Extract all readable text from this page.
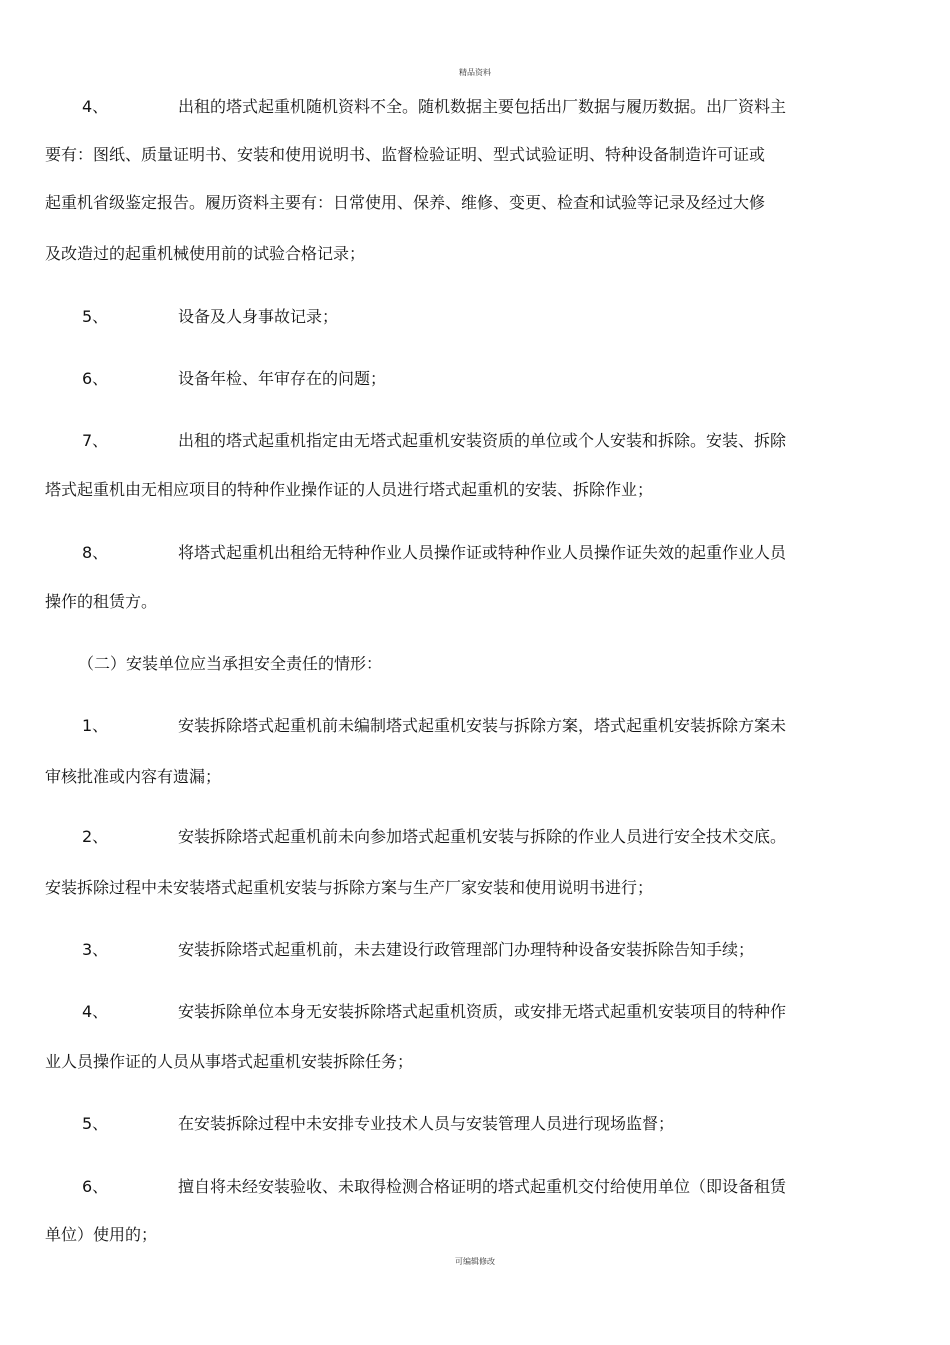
精品资料
4、	出租的塔式起重机随机资料不全。随机数据主要包括出厂数据与履历数据。出厂资料主
要有：图纸、质量证明书、安装和使用说明书、监督检验证明、型式试验证明、特种设备制造许可证或
起重机省级鉴定报告。履历资料主要有：日常使用、保养、维修、变更、检查和试验等记录及经过大修
及改造过的起重机械使用前的试验合格记录；
5、	设备及人身事故记录；
6、	设备年检、年审存在的问题；
7、	出租的塔式起重机指定由无塔式起重机安装资质的单位或个人安装和拆除。安装、拆除
塔式起重机由无相应项目的特种作业操作证的人员进行塔式起重机的安装、拆除作业；
8、	将塔式起重机出租给无特种作业人员操作证或特种作业人员操作证失效的起重作业人员
操作的租赁方。
（二）安装单位应当承担安全责任的情形：
1、	安装拆除塔式起重机前未编制塔式起重机安装与拆除方案，塔式起重机安装拆除方案未
审核批准或内容有遗漏；
2、	安装拆除塔式起重机前未向参加塔式起重机安装与拆除的作业人员进行安全技术交底。
安装拆除过程中未安装塔式起重机安装与拆除方案与生产厂家安装和使用说明书进行；
3、	安装拆除塔式起重机前，未去建设行政管理部门办理特种设备安装拆除告知手续；
4、	安装拆除单位本身无安装拆除塔式起重机资质，或安排无塔式起重机安装项目的特种作
业人员操作证的人员从事塔式起重机安装拆除任务；
5、	在安装拆除过程中未安排专业技术人员与安装管理人员进行现场监督；
6、	擅自将未经安装验收、未取得检测合格证明的塔式起重机交付给使用单位（即设备租赁
单位）使用的；
可编辑修改
